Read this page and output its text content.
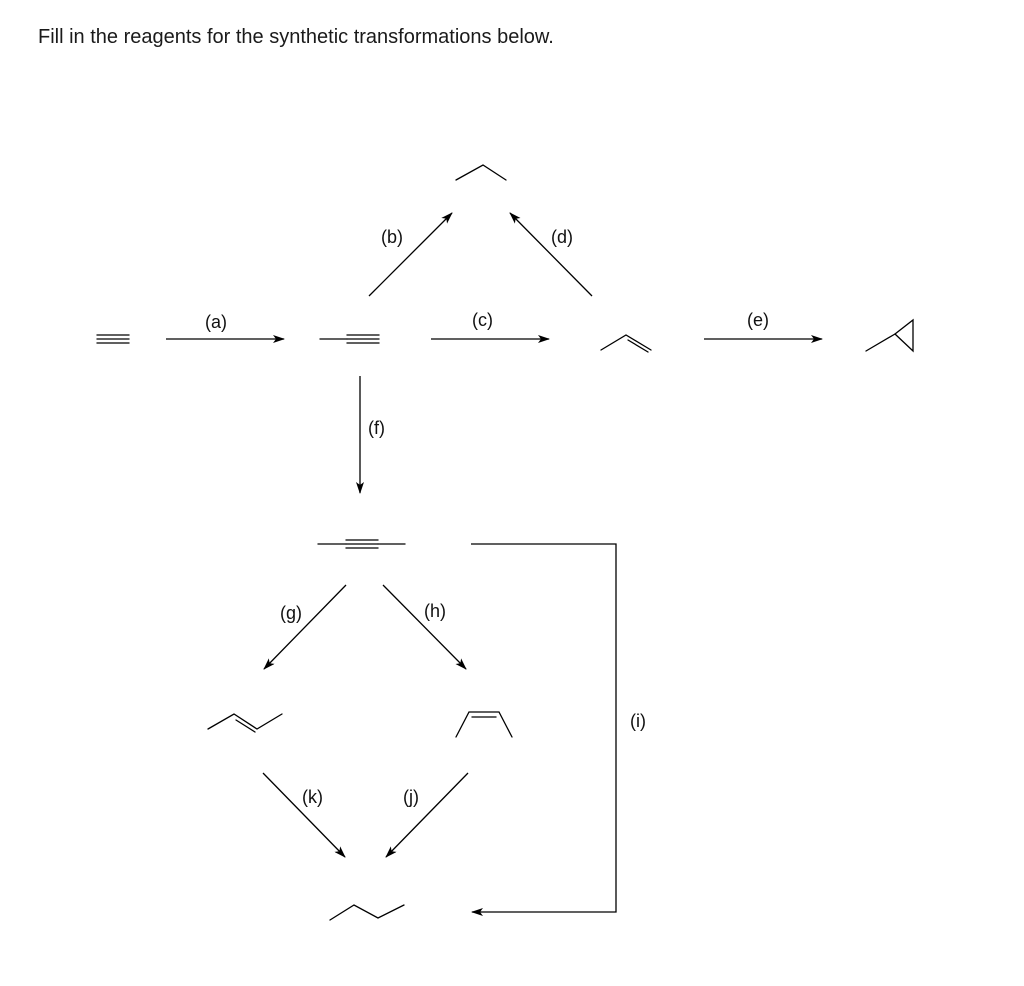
Fill in the reagents for the synthetic transformations below.
(a)
(b)
(c)
(d)
(e)
(f)
(g)	(h)
(i)
(j)
(k)
